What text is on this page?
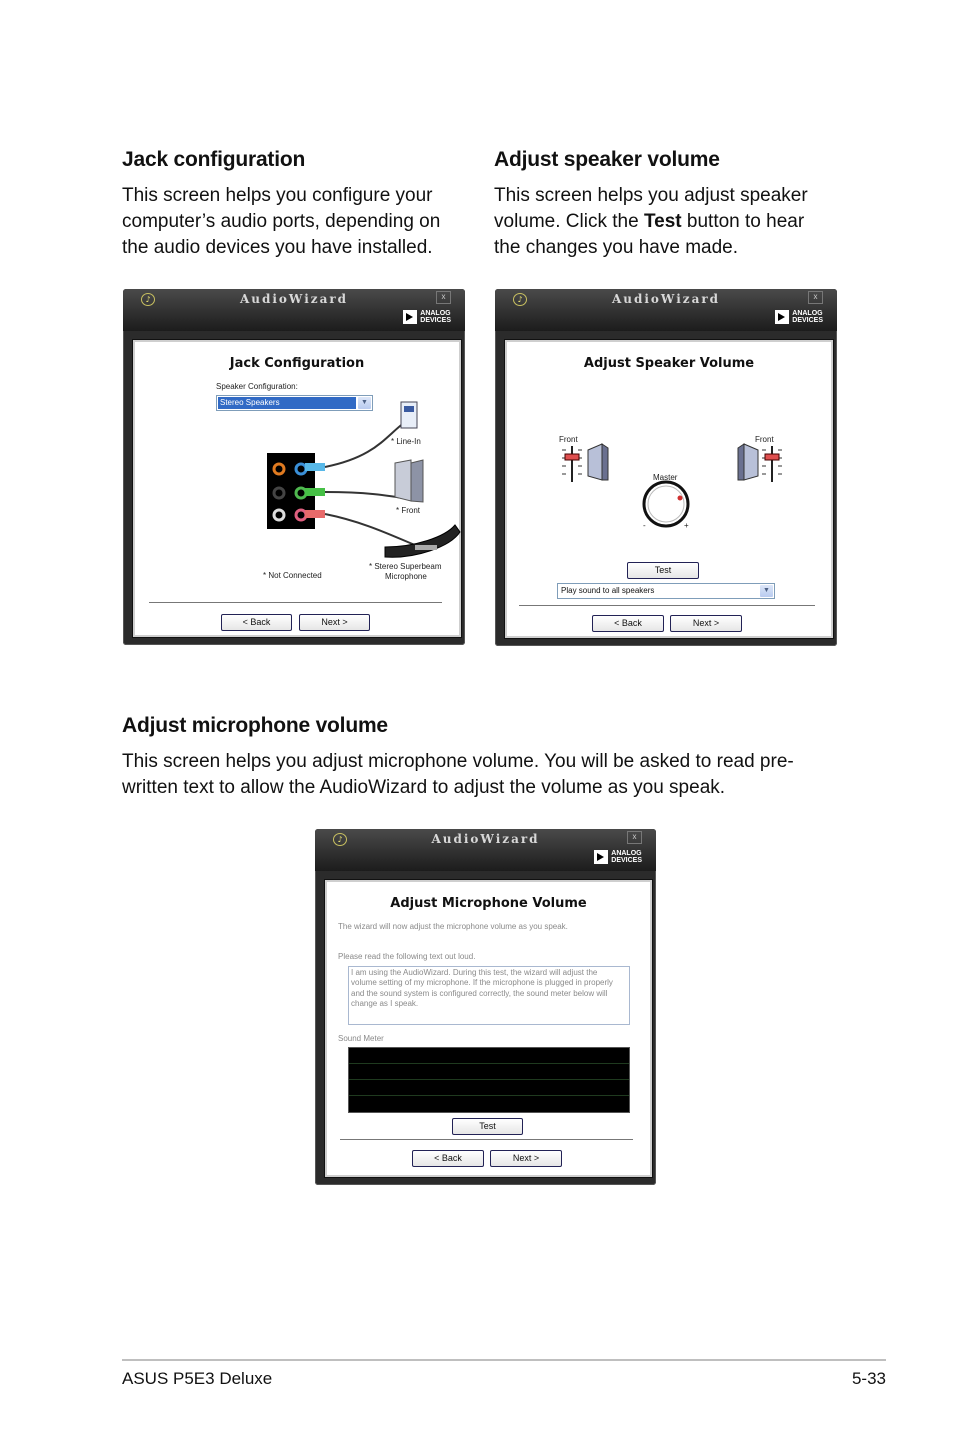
Jack configuration
This screen helps you configure your
computer’s audio ports, depending on
the audio devices you have installed.
Adjust speaker volume
This screen helps you adjust speaker
volume. Click the Test button to hear
the changes you have made.
♪	AudioWizard	x
ANALOG
DEVICES
Jack Configuration
Speaker Configuration:
Stereo Speakers	▼
* Line-In
* Front
* Stereo Superbeam
Microphone
* Not Connected
< Back	Next >
♪	AudioWizard	x
ANALOG
DEVICES
Adjust Speaker Volume
Front	Front
Master
-	+
Test
Play sound to all speakers	▼
< Back	Next >
Adjust microphone volume
This screen helps you adjust microphone volume. You will be asked to read pre-
written text to allow the AudioWizard to adjust the volume as you speak.
♪	AudioWizard	x
ANALOG
DEVICES
Adjust Microphone Volume
The wizard will now adjust the microphone volume as you speak.
Please read the following text out loud.
I am using the AudioWizard. During this test, the wizard will adjust the
volume setting of my microphone. If the microphone is plugged in properly
and the sound system is configured correctly, the sound meter below will
change as I speak.
Sound Meter
Test
< Back	Next >
ASUS P5E3 Deluxe	5-33
